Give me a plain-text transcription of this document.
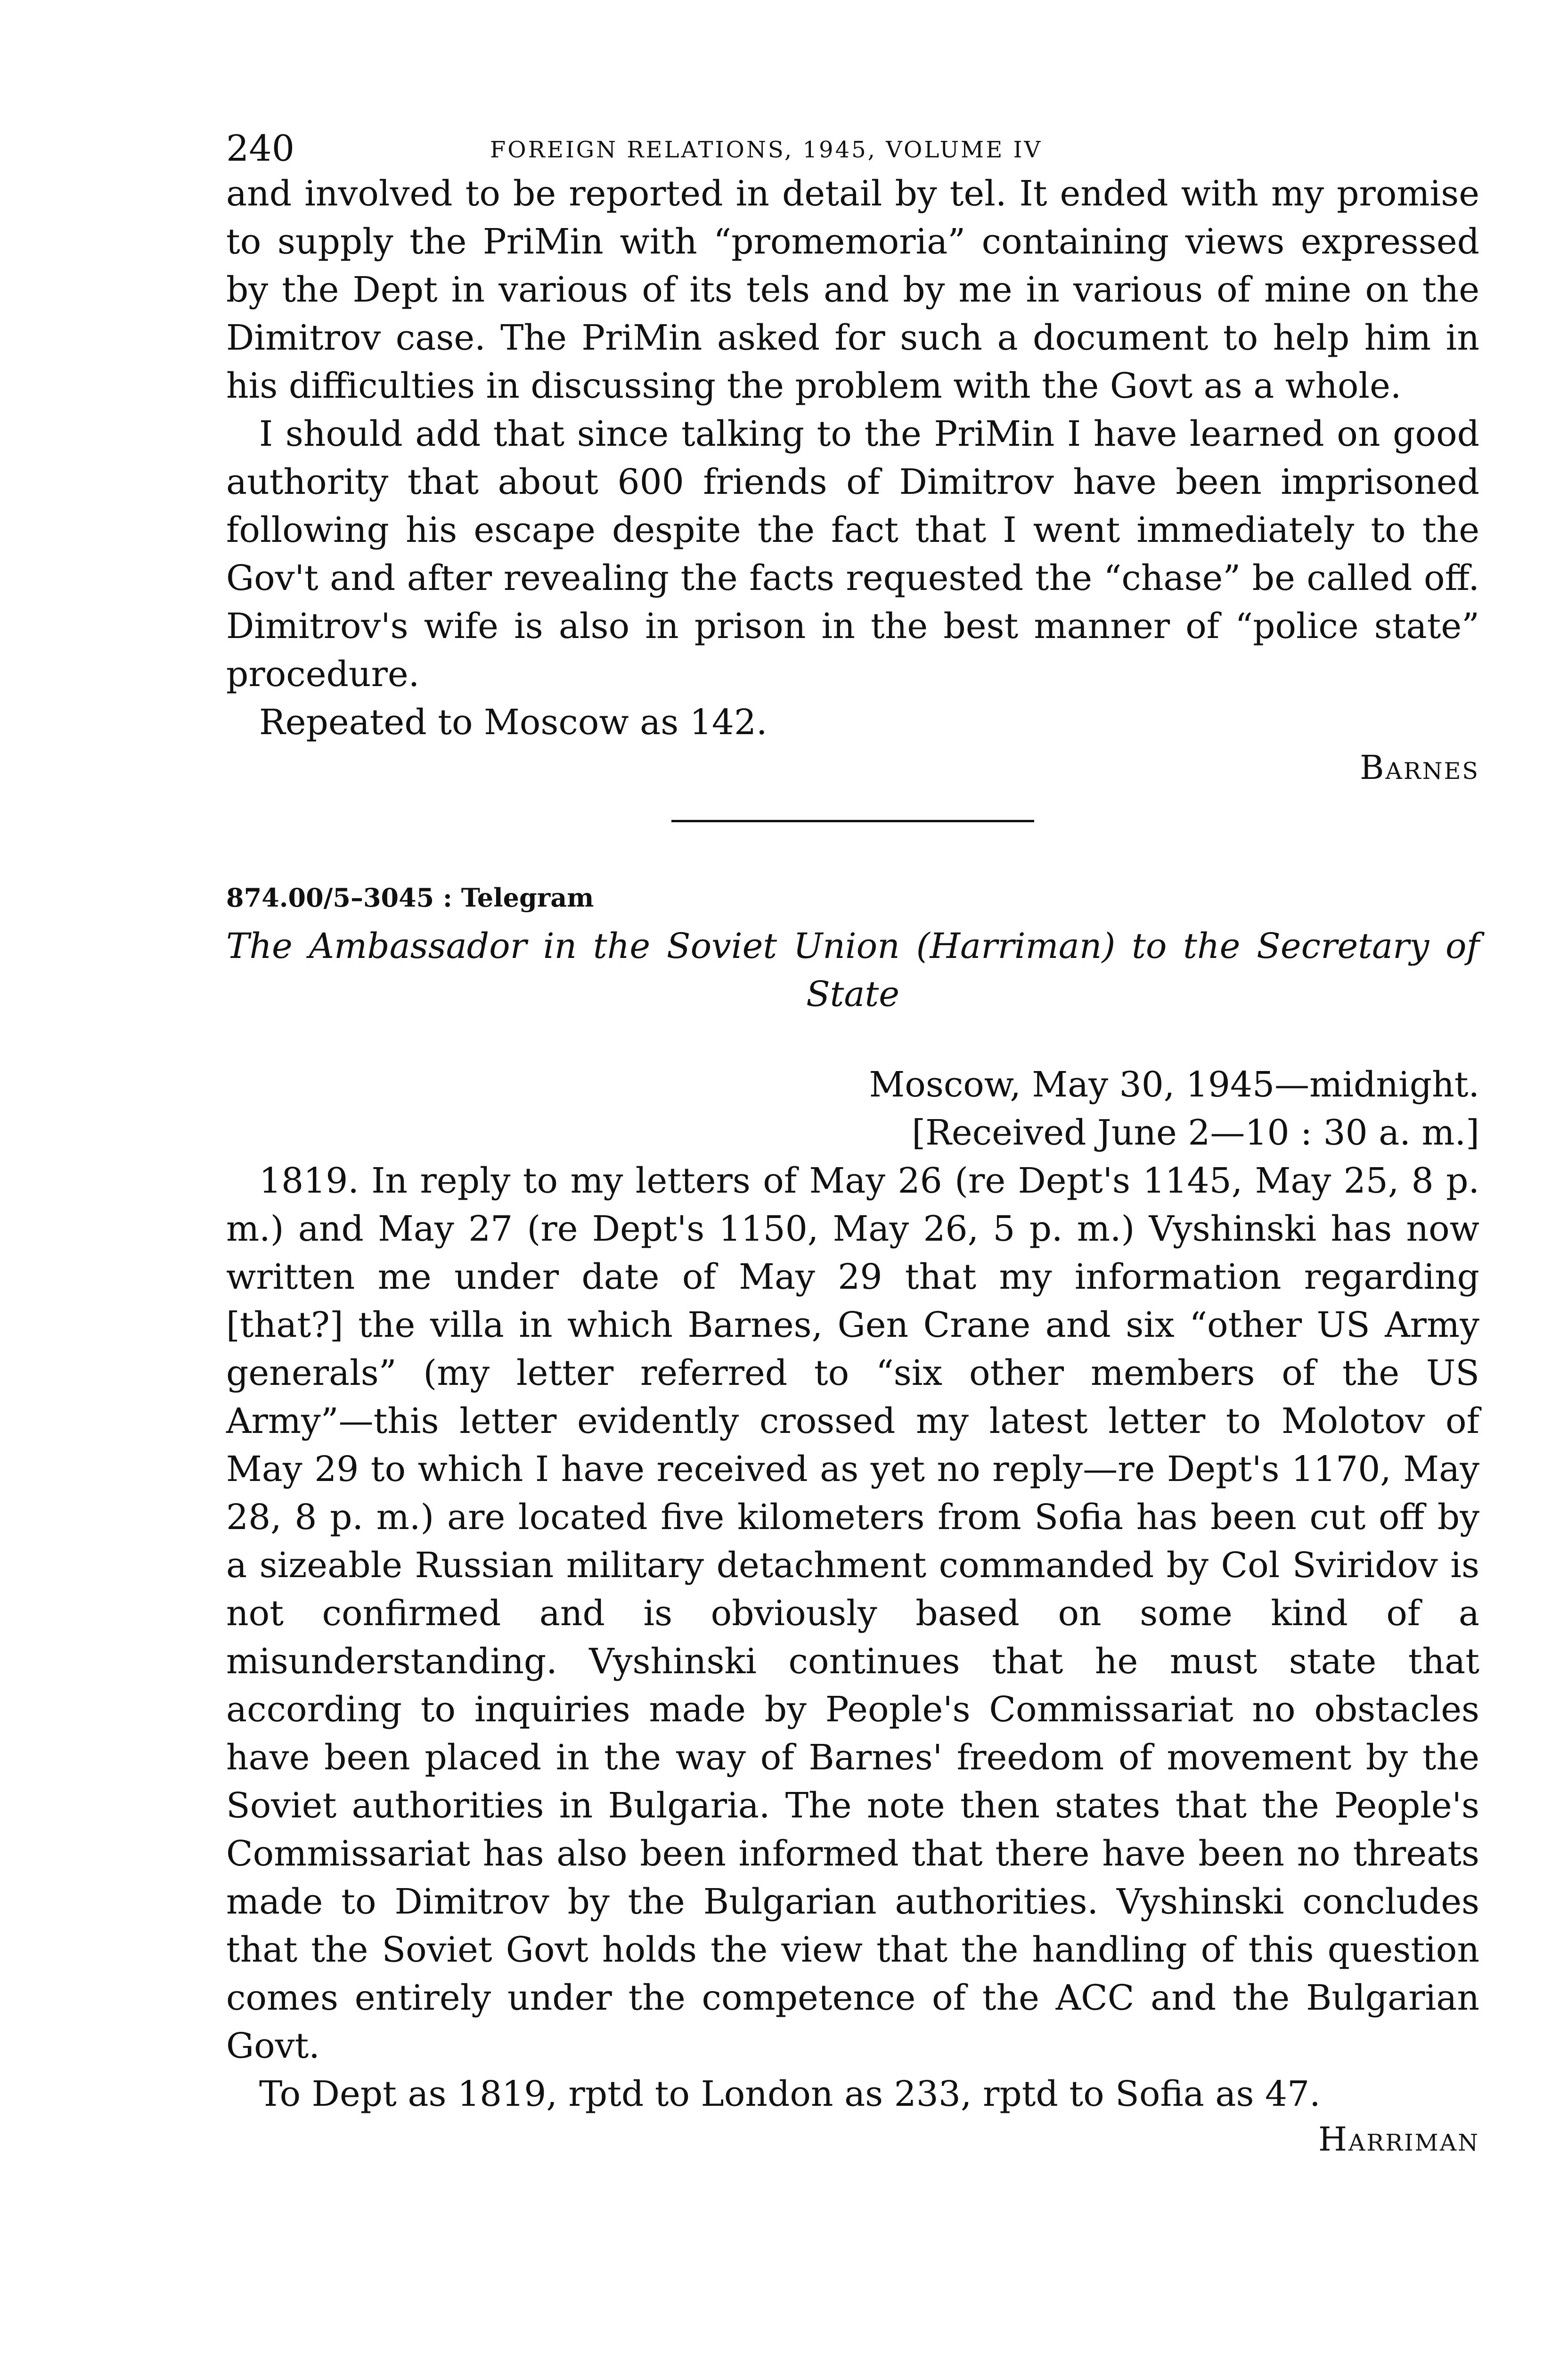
240	FOREIGN RELATIONS, 1945, VOLUME IV

and involved to be reported in detail by tel. It ended with my promise to supply the PriMin with “promemoria” containing views expressed by the Dept in various of its tels and by me in various of mine on the Dimitrov case. The PriMin asked for such a document to help him in his difficulties in discussing the problem with the Govt as a whole.

I should add that since talking to the PriMin I have learned on good authority that about 600 friends of Dimitrov have been imprisoned following his escape despite the fact that I went immediately to the Gov't and after revealing the facts requested the “chase” be called off. Dimitrov's wife is also in prison in the best manner of “police state” procedure.

Repeated to Moscow as 142.

Barnes
874.00/5–3045 : Telegram
The Ambassador in the Soviet Union (Harriman) to the Secretary of State
Moscow, May 30, 1945—midnight.
[Received June 2—10 : 30 a. m.]

1819. In reply to my letters of May 26 (re Dept's 1145, May 25, 8 p. m.) and May 27 (re Dept's 1150, May 26, 5 p. m.) Vyshinski has now written me under date of May 29 that my information regarding [that?] the villa in which Barnes, Gen Crane and six “other US Army generals” (my letter referred to “six other members of the US Army”—this letter evidently crossed my latest letter to Molotov of May 29 to which I have received as yet no reply—re Dept's 1170, May 28, 8 p. m.) are located five kilometers from Sofia has been cut off by a sizeable Russian military detachment commanded by Col Sviridov is not confirmed and is obviously based on some kind of a misunderstanding. Vyshinski continues that he must state that according to inquiries made by People's Commissariat no obstacles have been placed in the way of Barnes' freedom of movement by the Soviet authorities in Bulgaria. The note then states that the People's Commissariat has also been informed that there have been no threats made to Dimitrov by the Bulgarian authorities. Vyshinski concludes that the Soviet Govt holds the view that the handling of this question comes entirely under the competence of the ACC and the Bulgarian Govt.

To Dept as 1819, rptd to London as 233, rptd to Sofia as 47.

Harriman
